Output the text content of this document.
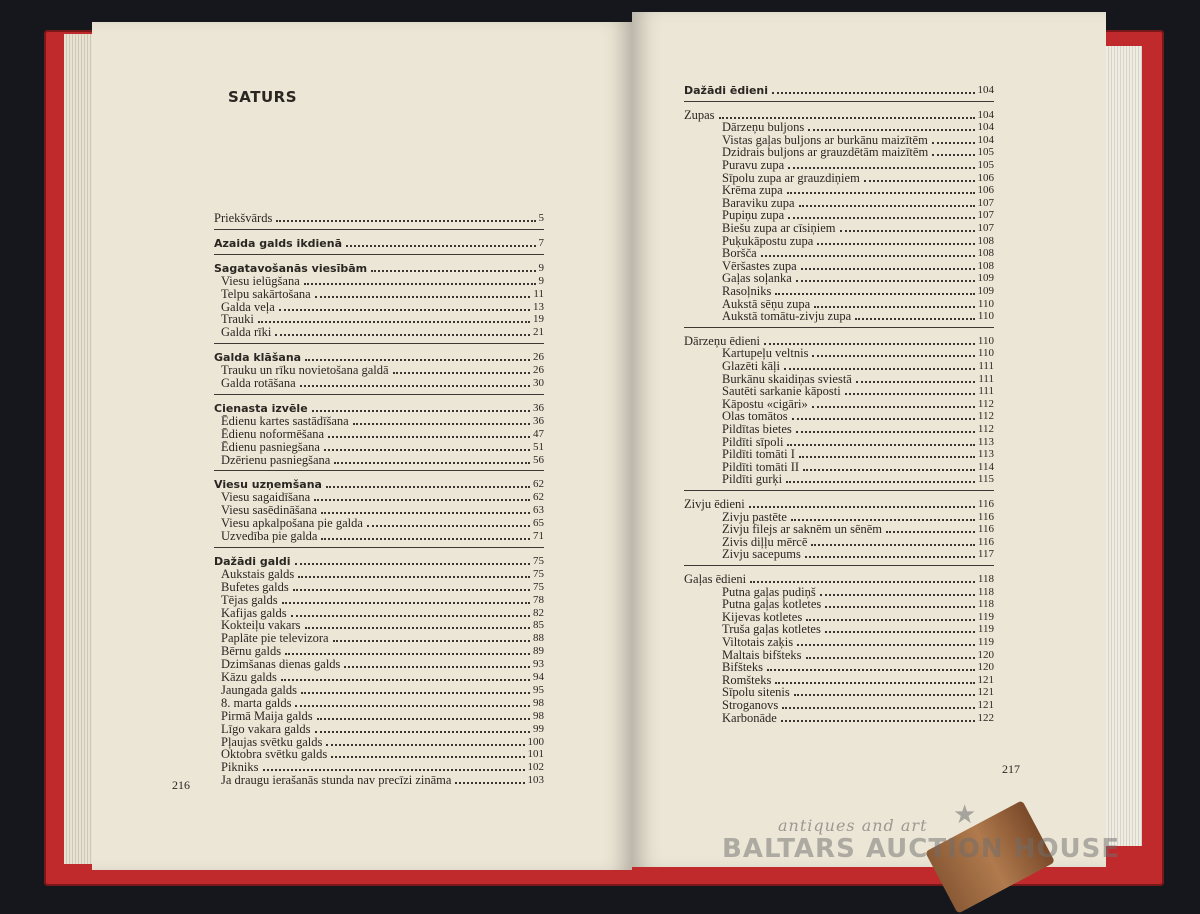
SATURS
Priekšvārds	5
Azaida galds ikdienā	7
Sagatavošanās viesībām	9
Viesu ielūgšana	9
Telpu sakārtošana	11
Galda veļa	13
Trauki	19
Galda rīki	21
Galda klāšana	26
Trauku un rīku novietošana galdā	26
Galda rotāšana	30
Cienasta izvēle	36
Ēdienu kartes sastādīšana	36
Ēdienu noformēšana	47
Ēdienu pasniegšana	51
Dzērienu pasniegšana	56
Viesu uzņemšana	62
Viesu sagaidīšana	62
Viesu sasēdināšana	63
Viesu apkalpošana pie galda	65
Uzvedība pie galda	71
Dažādi galdi	75
Aukstais galds	75
Bufetes galds	75
Tējas galds	78
Kafijas galds	82
Kokteiļu vakars	85
Paplāte pie televizora	88
Bērnu galds	89
Dzimšanas dienas galds	93
Kāzu galds	94
Jaungada galds	95
8. marta galds	98
Pirmā Maija galds	98
Līgo vakara galds	99
Pļaujas svētku galds	100
Oktobra svētku galds	101
Pikniks	102
Ja draugu ierašanās stunda nav precīzi zināma	103
216
Dažādi ēdieni	104
Zupas	104
Dārzeņu buljons	104
Vistas gaļas buljons ar burkānu maizītēm	104
Dzidrais buljons ar grauzdētām maizītēm	105
Puravu zupa	105
Sīpolu zupa ar grauzdiņiem	106
Krēma zupa	106
Baraviku zupa	107
Pupiņu zupa	107
Biešu zupa ar cīsiņiem	107
Puķukāpostu zupa	108
Boršča	108
Vēršastes zupa	108
Gaļas soļanka	109
Rasoļniks	109
Aukstā sēņu zupa	110
Aukstā tomātu-zivju zupa	110
Dārzeņu ēdieni	110
Kartupeļu veltnis	110
Glazēti kāļi	111
Burkānu skaidiņas sviestā	111
Sautēti sarkanie kāposti	111
Kāpostu «cigāri»	112
Olas tomātos	112
Pildītas bietes	112
Pildīti sīpoli	113
Pildīti tomāti I	113
Pildīti tomāti II	114
Pildīti gurķi	115
Zivju ēdieni	116
Zivju pastēte	116
Zivju filejs ar saknēm un sēnēm	116
Zivis diļļu mērcē	116
Zivju sacepums	117
Gaļas ēdieni	118
Putna gaļas pudiņš	118
Putna gaļas kotletes	118
Kijevas kotletes	119
Truša gaļas kotletes	119
Viltotais zaķis	119
Maltais bifšteks	120
Bifšteks	120
Romšteks	121
Sīpolu sitenis	121
Stroganovs	121
Karbonāde	122
217
★
antiques and art
BALTARS AUCTION HOUSE
